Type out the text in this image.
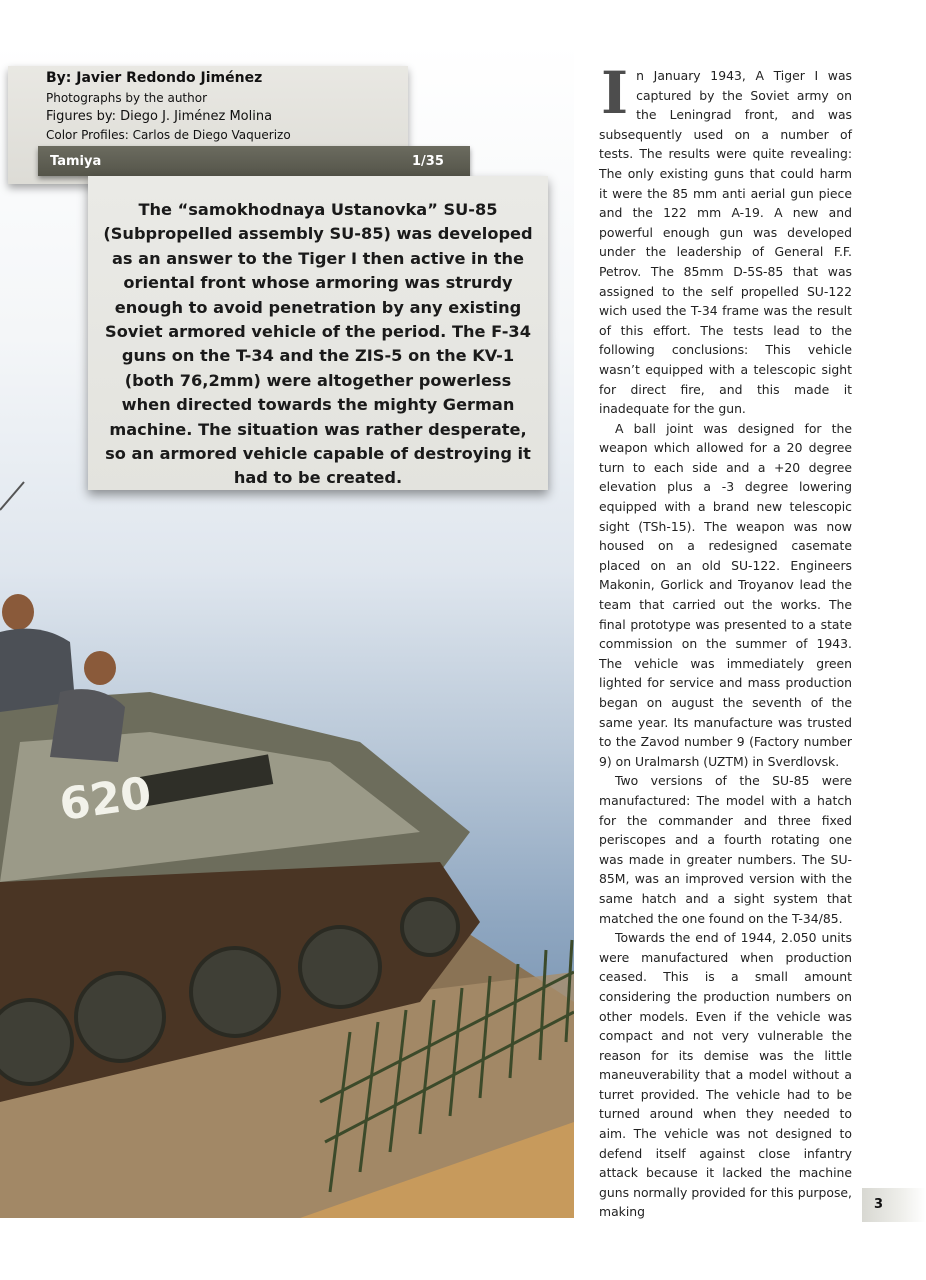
620
By: Javier Redondo Jiménez
Photographs by the author
Figures by: Diego J. Jiménez Molina
Color Profiles: Carlos de Diego Vaquerizo
Tamiya	1/35

The “samokhodnaya Ustanovka” SU-85 (Subpropelled assembly SU-85) was developed as an answer to the Tiger I then active in the oriental front whose armoring was strurdy enough to avoid penetration by any existing Soviet armored vehicle of the period. The F-34 guns on the T-34 and the ZIS-5 on the KV-1 (both 76,2mm) were altogether powerless when directed towards the mighty German machine. The situation was rather desperate, so an armored vehicle capable of destroying it had to be created.

In January 1943, A Tiger I was captured by the Soviet army on the Leningrad front, and was subsequently used on a number of tests. The results were quite revealing: The only existing guns that could harm it were the 85 mm anti aerial gun piece and the 122 mm A-19. A new and powerful enough gun was developed under the leadership of General F.F. Petrov. The 85mm D-5S-85 that was assigned to the self propelled SU-122 wich used the T-34 frame was the result of this effort. The tests lead to the following conclusions: This vehicle wasn’t equipped with a telescopic sight for direct fire, and this made it inadequate for the gun.

A ball joint was designed for the weapon which allowed for a 20 degree turn to each side and a +20 degree elevation plus a -3 degree lowering equipped with a brand new telescopic sight (TSh-15). The weapon was now housed on a redesigned casemate placed on an old SU-122. Engineers Makonin, Gorlick and Troyanov lead the team that carried out the works. The final prototype was presented to a state commission on the summer of 1943. The vehicle was immediately green lighted for service and mass production began on august the seventh of the same year. Its manufacture was trusted to the Zavod number 9 (Factory number 9) on Uralmarsh (UZTM) in Sverdlovsk.

Two versions of the SU-85 were manufactured: The model with a hatch for the commander and three fixed periscopes and a fourth rotating one was made in greater numbers. The SU-85M, was an improved version with the same hatch and a sight system that matched the one found on the T-34/85.

Towards the end of 1944, 2.050 units were manufactured when production ceased. This is a small amount considering the production numbers on other models. Even if the vehicle was compact and not very vulnerable the reason for its demise was the little maneuverability that a model without a turret provided. The vehicle had to be turned around when they needed to aim. The vehicle was not designed to defend itself against close infantry attack because it lacked the machine guns normally provided for this purpose, making	3
